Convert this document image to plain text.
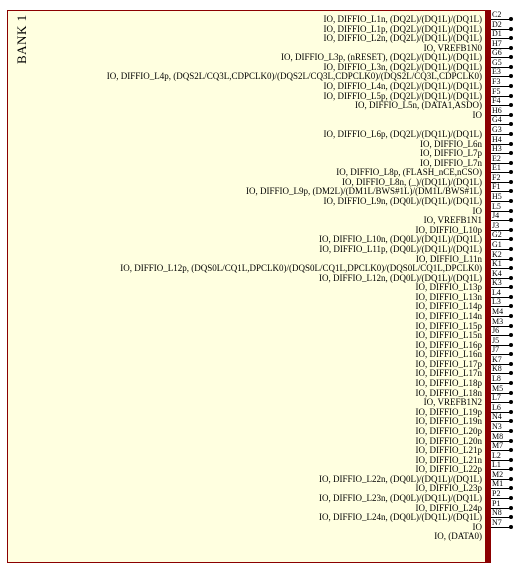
BANK 1	IO, DIFFIO_L1n, (DQ2L)/(DQ1L)/(DQ1L) C2
IO, DIFFIO_L1p, (DQ2L)/(DQ1L)/(DQ1L) D2
IO, DIFFIO_L2n, (DQ2L)/(DQ1L)/(DQ1L) D1
IO, VREFB1N0 H7
IO, DIFFIO_L3p, (nRESET), (DQ2L)/(DQ1L)/(DQ1L) G6
IO, DIFFIO_L3n, (DQ2L)/(DQ1L)/(DQ1L) G5
IO, DIFFIO_L4p, (DQS2L/CQ3L,CDPCLK0)/(DQS2L/CQ3L,CDPCLK0)/(DQS2L/CQ3L,CDPCLK0) E3
IO, DIFFIO_L4n, (DQ2L)/(DQ1L)/(DQ1L) F3
IO, DIFFIO_L5p, (DQ2L)/(DQ1L)/(DQ1L) F5
IO, DIFFIO_L5n, (DATA1,ASDO) F4
IO H6
G4
IO, DIFFIO_L6p, (DQ2L)/(DQ1L)/(DQ1L) G3
IO, DIFFIO_L6n H4
IO, DIFFIO_L7p H3
IO, DIFFIO_L7n E2
IO, DIFFIO_L8p, (FLASH_nCE,nCSO) E1
IO, DIFFIO_L8n, (_)/(DQ1L)/(DQ1L) F2
IO, DIFFIO_L9p, (DM2L)/(DM1L/BWS#1L)/(DM1L/BWS#1L) F1
IO, DIFFIO_L9n, (DQ0L)/(DQ1L)/(DQ1L) H5
IO L5
IO, VREFB1N1 J4
IO, DIFFIO_L10p J3
IO, DIFFIO_L10n, (DQ0L)/(DQ1L)/(DQ1L) G2
IO, DIFFIO_L11p, (DQ0L)/(DQ1L)/(DQ1L) G1
IO, DIFFIO_L11n K2
IO, DIFFIO_L12p, (DQS0L/CQ1L,DPCLK0)/(DQS0L/CQ1L,DPCLK0)/(DQS0L/CQ1L,DPCLK0) K1
IO, DIFFIO_L12n, (DQ0L)/(DQ1L)/(DQ1L) K4
IO, DIFFIO_L13p K3
IO, DIFFIO_L13n L4
IO, DIFFIO_L14p L3
IO, DIFFIO_L14n M4
IO, DIFFIO_L15p M3
IO, DIFFIO_L15n J6
IO, DIFFIO_L16p J5
IO, DIFFIO_L16n J7
IO, DIFFIO_L17p K7
IO, DIFFIO_L17n K8
IO, DIFFIO_L18p L8
IO, DIFFIO_L18n M5
IO, VREFB1N2 L7
IO, DIFFIO_L19p L6
IO, DIFFIO_L19n N4
IO, DIFFIO_L20p N3
IO, DIFFIO_L20n M8
IO, DIFFIO_L21p M7
IO, DIFFIO_L21n L2
IO, DIFFIO_L22p L1
IO, DIFFIO_L22n, (DQ0L)/(DQ1L)/(DQ1L) M2
IO, DIFFIO_L23p M1
IO, DIFFIO_L23n, (DQ0L)/(DQ1L)/(DQ1L) P2
IO, DIFFIO_L24p P1
IO, DIFFIO_L24n, (DQ0L)/(DQ1L)/(DQ1L) N8
IO N7
IO, (DATA0)
